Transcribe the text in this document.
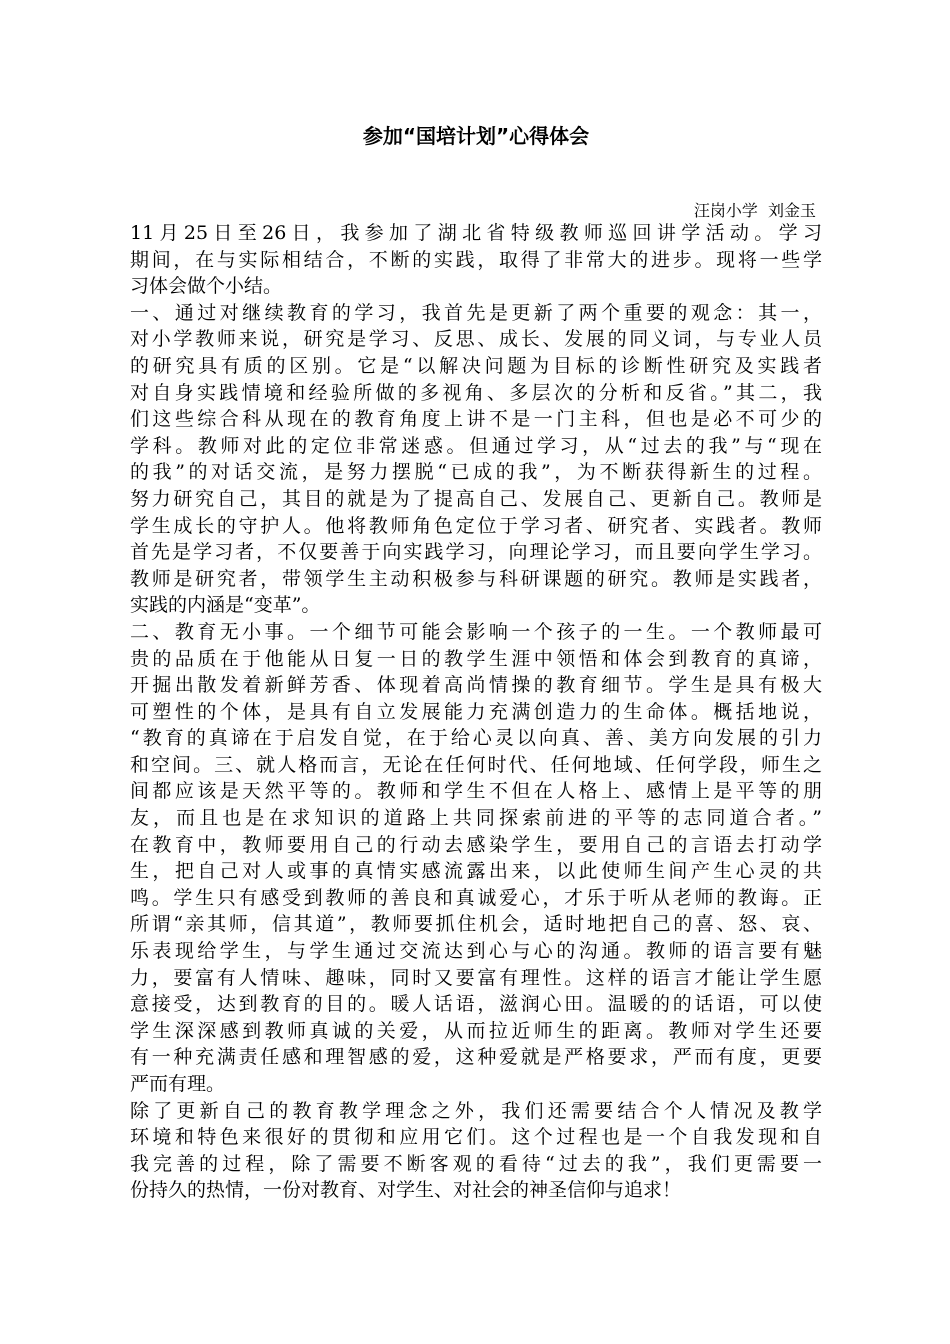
参加“国培计划”心得体会
汪岗小学  刘金玉
11月25日至26日，我参加了湖北省特级教师巡回讲学活动。学习
期间，在与实际相结合，不断的实践，取得了非常大的进步。现将一些学
习体会做个小结。
一、通过对继续教育的学习，我首先是更新了两个重要的观念：其一，
对小学教师来说，研究是学习、反思、成长、发展的同义词，与专业人员
的研究具有质的区别。它是“以解决问题为目标的诊断性研究及实践者
对自身实践情境和经验所做的多视角、多层次的分析和反省。”其二，我
们这些综合科从现在的教育角度上讲不是一门主科，但也是必不可少的
学科。教师对此的定位非常迷惑。但通过学习，从“过去的我”与“现在
的我”的对话交流，是努力摆脱“已成的我”，为不断获得新生的过程。
努力研究自己，其目的就是为了提高自己、发展自己、更新自己。教师是
学生成长的守护人。他将教师角色定位于学习者、研究者、实践者。教师
首先是学习者，不仅要善于向实践学习，向理论学习，而且要向学生学习。
教师是研究者，带领学生主动积极参与科研课题的研究。教师是实践者，
实践的内涵是“变革”。
二、教育无小事。一个细节可能会影响一个孩子的一生。一个教师最可
贵的品质在于他能从日复一日的教学生涯中领悟和体会到教育的真谛，
开掘出散发着新鲜芳香、体现着高尚情操的教育细节。学生是具有极大
可塑性的个体，是具有自立发展能力充满创造力的生命体。概括地说，
“教育的真谛在于启发自觉，在于给心灵以向真、善、美方向发展的引力
和空间。三、就人格而言，无论在任何时代、任何地域、任何学段，师生之
间都应该是天然平等的。教师和学生不但在人格上、感情上是平等的朋
友，而且也是在求知识的道路上共同探索前进的平等的志同道合者。”
在教育中，教师要用自己的行动去感染学生，要用自己的言语去打动学
生，把自己对人或事的真情实感流露出来，以此使师生间产生心灵的共
鸣。学生只有感受到教师的善良和真诚爱心，才乐于听从老师的教诲。正
所谓“亲其师，信其道”，教师要抓住机会，适时地把自己的喜、怒、哀、
乐表现给学生，与学生通过交流达到心与心的沟通。教师的语言要有魅
力，要富有人情味、趣味，同时又要富有理性。这样的语言才能让学生愿
意接受，达到教育的目的。暖人话语，滋润心田。温暖的的话语，可以使
学生深深感到教师真诚的关爱，从而拉近师生的距离。教师对学生还要
有一种充满责任感和理智感的爱，这种爱就是严格要求，严而有度，更要
严而有理。
除了更新自己的教育教学理念之外，我们还需要结合个人情况及教学
环境和特色来很好的贯彻和应用它们。这个过程也是一个自我发现和自
我完善的过程，除了需要不断客观的看待“过去的我”，我们更需要一
份持久的热情，一份对教育、对学生、对社会的神圣信仰与追求！
